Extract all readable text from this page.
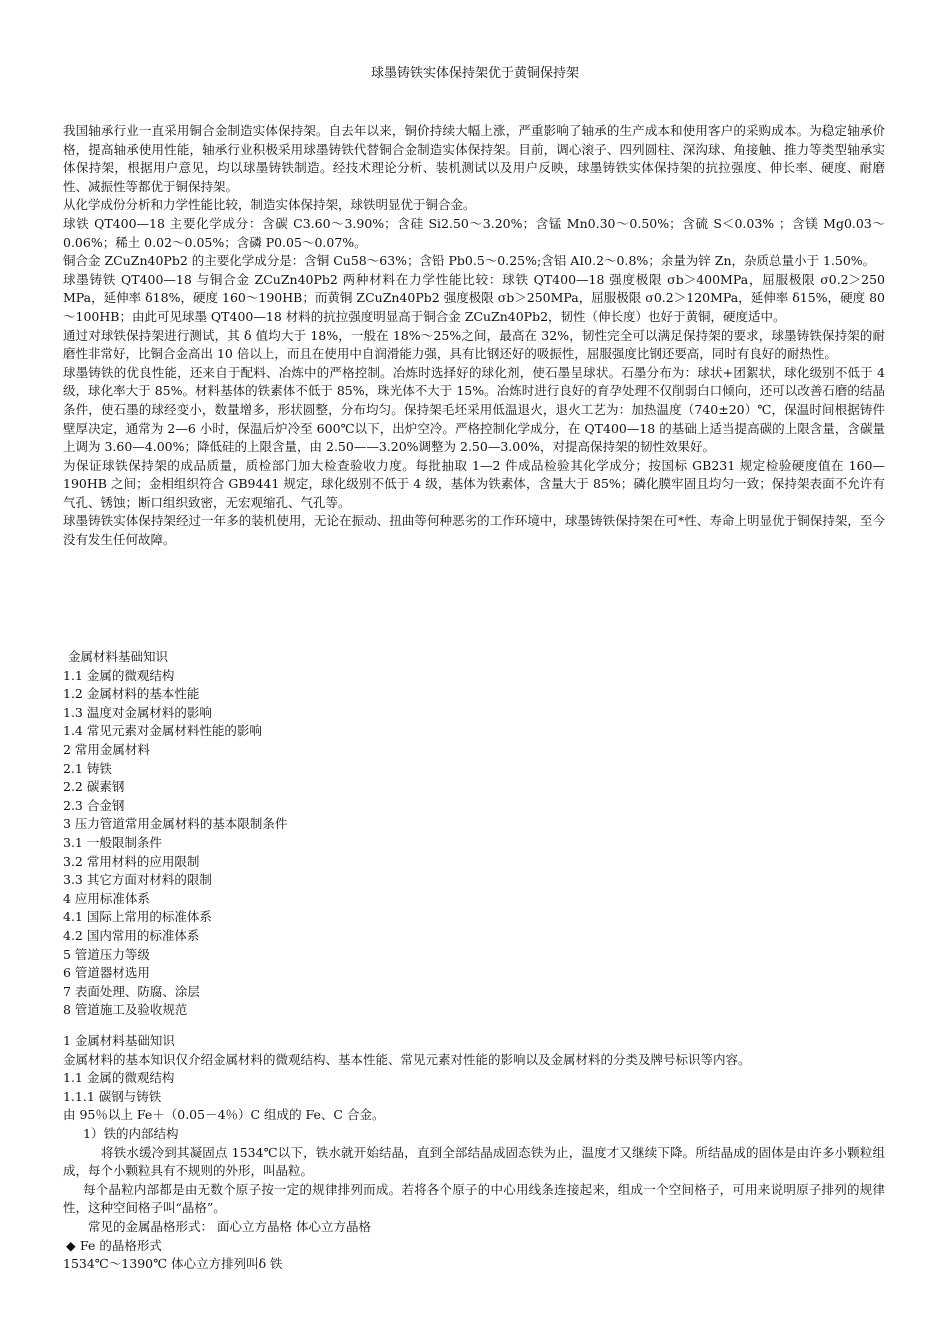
球墨铸铁实体保持架优于黄铜保持架

我国轴承行业一直采用铜合金制造实体保持架。自去年以来，铜价持续大幅上涨，严重影响了轴承的生产成本和使用客户的采购成本。为稳定轴承价格，提高轴承使用性能，轴承行业积极采用球墨铸铁代替铜合金制造实体保持架。目前，调心滚子、四列圆柱、深沟球、角接触、推力等类型轴承实体保持架，根据用户意见，均以球墨铸铁制造。经技术理论分析、装机测试以及用户反映，球墨铸铁实体保持架的抗拉强度、伸长率、硬度、耐磨性、减振性等都优于铜保持架。

从化学成份分析和力学性能比较，制造实体保持架，球铁明显优于铜合金。

球铁 QT400—18 主要化学成分：含碳 C3.60～3.90%；含硅 Si2.50～3.20%；含锰 Mn0.30～0.50%；含硫 S＜0.03% ；含镁 Mg0.03～0.06%；稀土 0.02～0.05%；含磷 P0.05～0.07%。

铜合金 ZCuZn40Pb2 的主要化学成分是：含铜 Cu58～63%；含铅 Pb0.5～0.25%;含铝 AI0.2～0.8%；余量为锌 Zn，杂质总量小于 1.50%。

球墨铸铁 QT400—18 与铜合金 ZCuZn40Pb2 两种材料在力学性能比较：球铁 QT400—18 强度极限 σb＞400MPa，屈服极限 σ0.2＞250 MPa，延伸率 δ18%，硬度 160～190HB；而黄铜 ZCuZn40Pb2 强度极限 σb＞250MPa，屈服极限 σ0.2＞120MPa，延伸率 δ15%，硬度 80～100HB；由此可见球墨 QT400—18 材料的抗拉强度明显高于铜合金 ZCuZn40Pb2，韧性（伸长度）也好于黄铜，硬度适中。

通过对球铁保持架进行测试，其 δ 值均大于 18%，一般在 18%～25%之间，最高在 32%，韧性完全可以满足保持架的要求，球墨铸铁保持架的耐磨性非常好，比铜合金高出 10 倍以上，而且在使用中自润滑能力强，具有比钢还好的吸振性，屈服强度比钢还要高，同时有良好的耐热性。

球墨铸铁的优良性能，还来自于配料、冶炼中的严格控制。冶炼时选择好的球化剂，使石墨呈球状。石墨分布为：球状+团絮状，球化级别不低于 4 级，球化率大于 85%。材料基体的铁素体不低于 85%，珠光体不大于 15%。冶炼时进行良好的育孕处理不仅削弱白口倾向，还可以改善石磨的结晶条件，使石墨的球经变小，数量增多，形状圆整，分布均匀。保持架毛坯采用低温退火，退火工艺为：加热温度（740±20）℃，保温时间根据铸件壁厚决定，通常为 2—6 小时，保温后炉冷至 600℃以下，出炉空冷。严格控制化学成分，在 QT400—18 的基础上适当提高碳的上限含量，含碳量上调为 3.60—4.00%；降低硅的上限含量，由 2.50——3.20%调整为 2.50—3.00%，对提高保持架的韧性效果好。

为保证球铁保持架的成品质量，质检部门加大检查验收力度。每批抽取 1—2 件成品检验其化学成分；按国标 GB231 规定检验硬度值在 160—190HB 之间；金相组织符合 GB9441 规定，球化级别不低于 4 级，基体为铁素体，含量大于 85%；磷化膜牢固且均匀一致；保持架表面不允许有气孔、锈蚀；断口组织致密，无宏观缩孔、气孔等。

球墨铸铁实体保持架经过一年多的装机使用，无论在振动、扭曲等何种恶劣的工作环境中，球墨铸铁保持架在可*性、寿命上明显优于铜保持架，至今没有发生任何故障。

金属材料基础知识
1.1 金属的微观结构
1.2 金属材料的基本性能
1.3 温度对金属材料的影响
1.4 常见元素对金属材料性能的影响
2 常用金属材料
2.1 铸铁
2.2 碳素钢
2.3 合金钢
3 压力管道常用金属材料的基本限制条件
3.1 一般限制条件
3.2 常用材料的应用限制
3.3 其它方面对材料的限制
4 应用标准体系
4.1 国际上常用的标准体系
4.2 国内常用的标准体系
5 管道压力等级
6 管道器材选用
7 表面处理、防腐、涂层
8 管道施工及验收规范

1 金属材料基础知识

金属材料的基本知识仅介绍金属材料的微观结构、基本性能、常见元素对性能的影响以及金属材料的分类及牌号标识等内容。

1.1 金属的微观结构

1.1.1 碳钢与铸铁

由 95％以上 Fe＋（0.05－4％）C 组成的 Fe、C 合金。

1）铁的内部结构

将铁水缓冷到其凝固点 1534℃以下，铁水就开始结晶，直到全部结晶成固态铁为止，温度才又继续下降。所结晶成的固体是由许多小颗粒组成，每个小颗粒具有不规则的外形，叫晶粒。

每个晶粒内部都是由无数个原子按一定的规律排列而成。若将各个原子的中心用线条连接起来，组成一个空间格子，可用来说明原子排列的规律性，这种空间格子叫“晶格”。

常见的金属晶格形式： 面心立方晶格 体心立方晶格

◆ Fe 的晶格形式

1534℃～1390℃ 体心立方排列叫δ 铁
